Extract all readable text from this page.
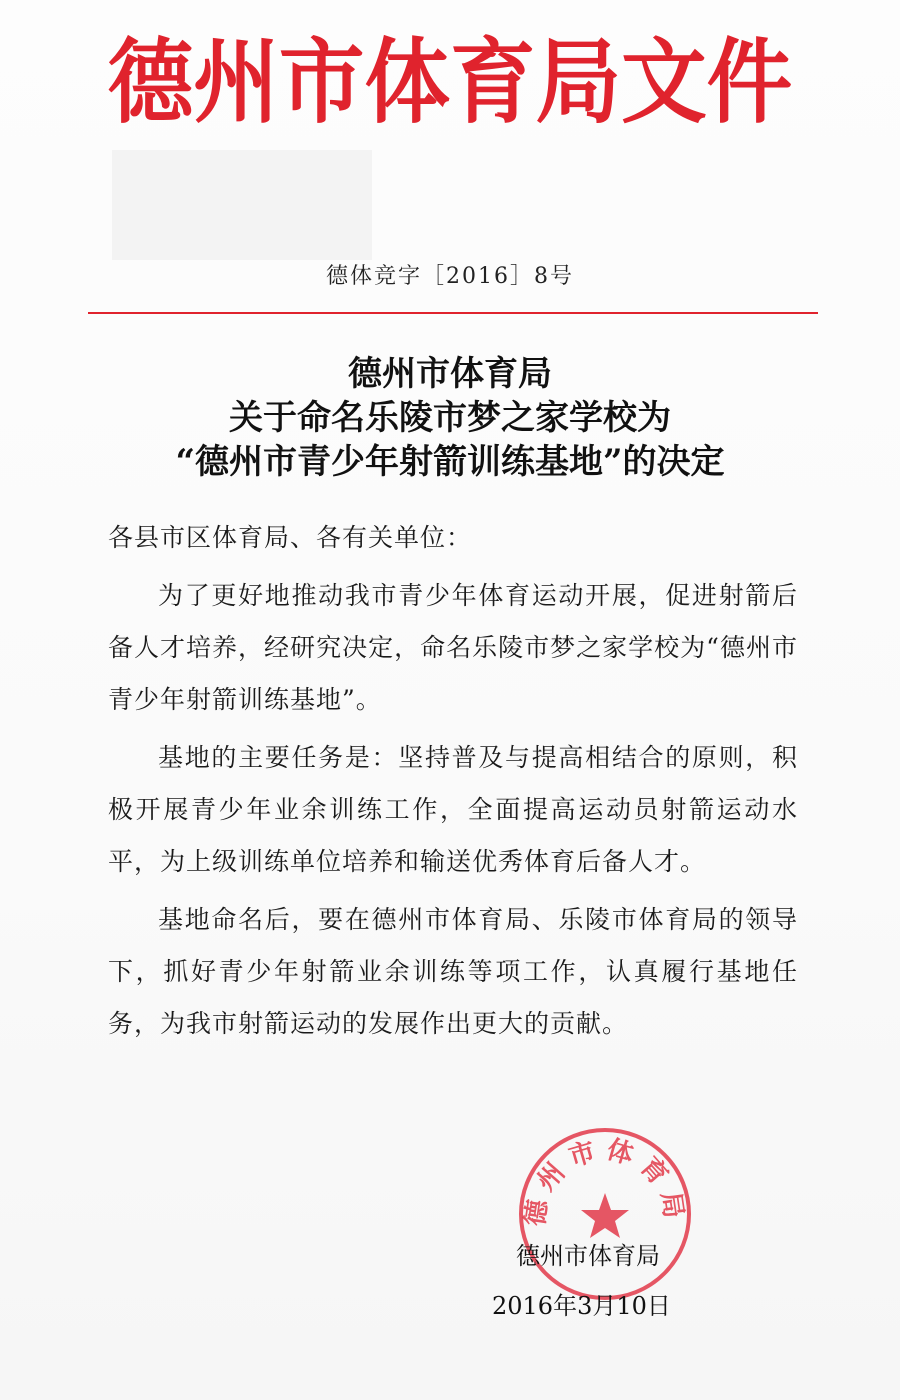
德州市体育局文件
德体竞字［2016］8号
德州市体育局
关于命名乐陵市梦之家学校为
“德州市青少年射箭训练基地”的决定

各县市区体育局、各有关单位：

为了更好地推动我市青少年体育运动开展，促进射箭后备人才培养，经研究决定，命名乐陵市梦之家学校为“德州市青少年射箭训练基地”。

基地的主要任务是：坚持普及与提高相结合的原则，积极开展青少年业余训练工作，全面提高运动员射箭运动水平，为上级训练单位培养和输送优秀体育后备人才。

基地命名后，要在德州市体育局、乐陵市体育局的领导下，抓好青少年射箭业余训练等项工作，认真履行基地任务，为我市射箭运动的发展作出更大的贡献。

德州市体育局
德州市体育局
2016年3月10日
